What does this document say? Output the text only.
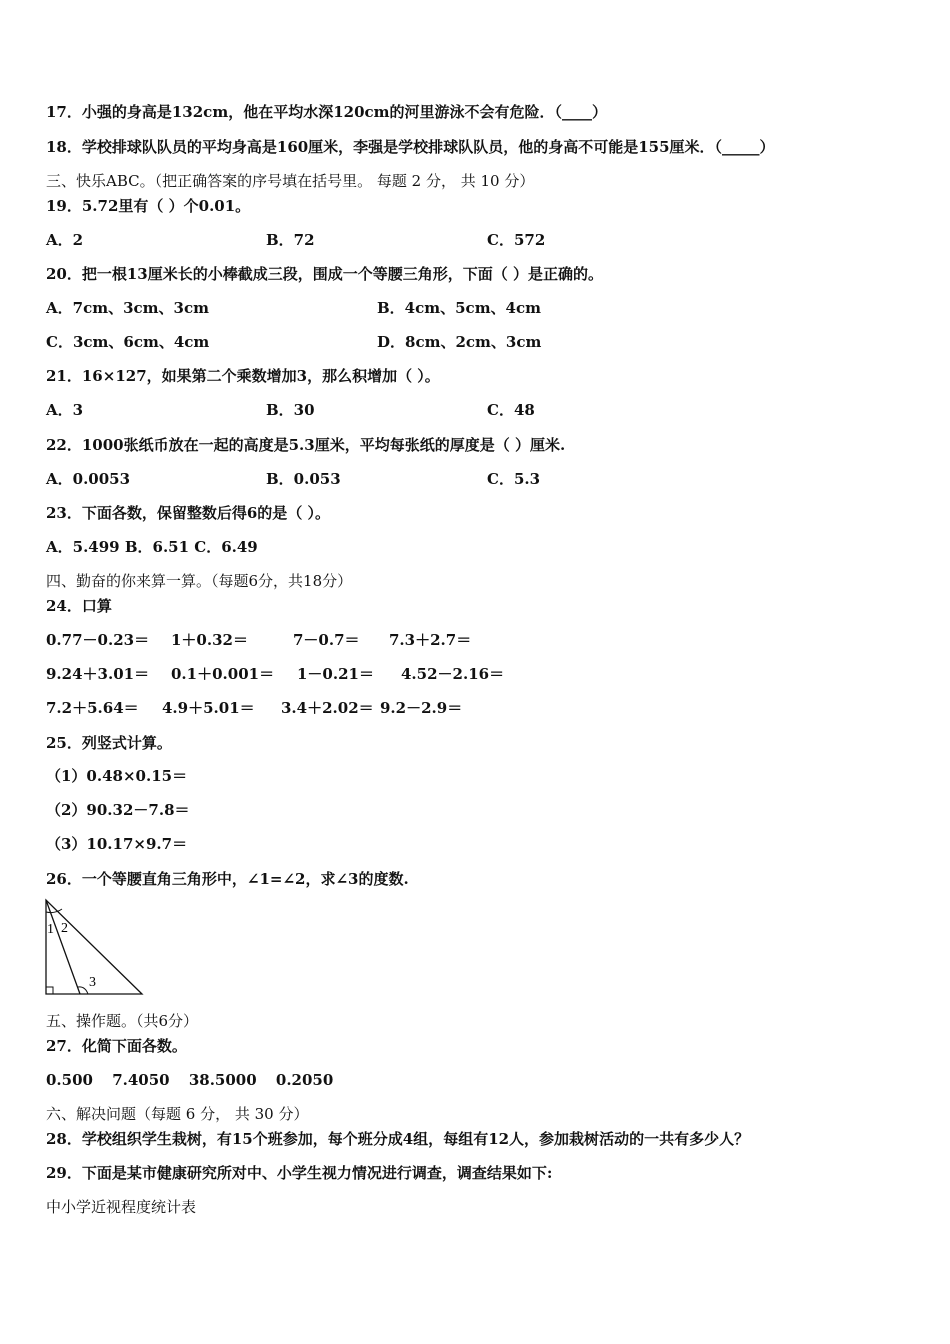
17．小强的身高是132cm，他在平均水深120cm的河里游泳不会有危险．（____）
18．学校排球队队员的平均身高是160厘米，李强是学校排球队队员，他的身高不可能是155厘米．（_____）
三、快乐ABC。（把正确答案的序号填在括号里。 每题 2 分， 共 10 分）
19．5.72里有（ ）个0.01。
A．2	B．72	C．572
20．把一根13厘米长的小棒截成三段，围成一个等腰三角形，下面（ ）是正确的。
A．7cm、3cm、3cm	B．4cm、5cm、4cm
C．3cm、6cm、4cm	D．8cm、2cm、3cm
21．16×127，如果第二个乘数增加3，那么积增加（ ）。
A．3	B．30	C．48
22．1000张纸币放在一起的高度是5.3厘米，平均每张纸的厚度是（ ）厘米.
A．0.0053	B．0.053	C．5.3
23．下面各数，保留整数后得6的是（ ）。
A．5.499 B．6.51 C．6.49
四、勤奋的你来算一算。（每题6分，共18分）
24．口算
0.77－0.23＝ 1＋0.32＝	7－0.7＝ 7.3＋2.7＝
9.24＋3.01＝ 0.1＋0.001＝ 1－0.21＝ 4.52－2.16＝
7.2＋5.64＝ 4.9＋5.01＝ 3.4＋2.02＝ 9.2－2.9＝
25．列竖式计算。
（1）0.48×0.15＝
（2）90.32－7.8＝
（3）10.17×9.7＝
26．一个等腰直角三角形中，∠1=∠2，求∠3的度数.
1 2
3
五、操作题。（共6分）
27．化简下面各数。
0.500 7.4050 38.5000 0.2050
六、解决问题（每题 6 分， 共 30 分）
28．学校组织学生栽树，有15个班参加，每个班分成4组，每组有12人，参加栽树活动的一共有多少人？
29．下面是某市健康研究所对中、小学生视力情况进行调查，调查结果如下:
中小学近视程度统计表
